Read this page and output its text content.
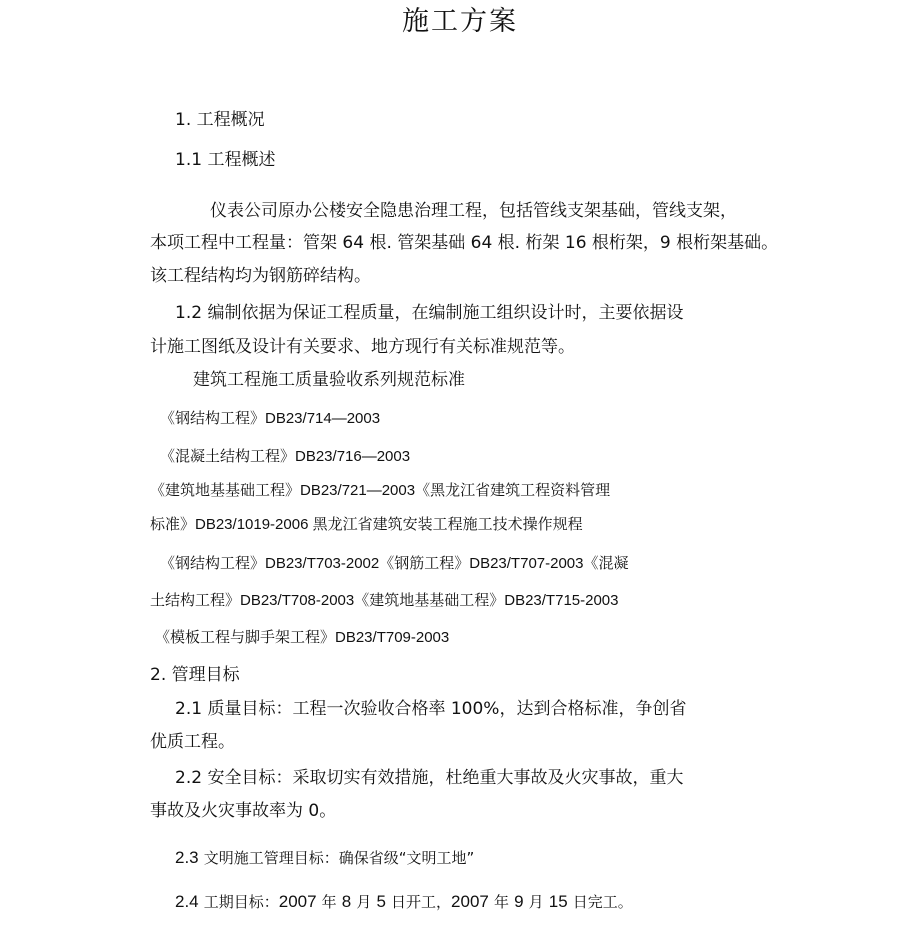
施工方案
1. 工程概况
1.1 工程概述
仪表公司原办公楼安全隐患治理工程，包括管线支架基础，管线支架，
本项工程中工程量：管架 64 根. 管架基础 64 根. 桁架 16 根桁架，9 根桁架基础。
该工程结构均为钢筋碎结构。
1.2 编制依据为保证工程质量，在编制施工组织设计时，主要依据设
计施工图纸及设计有关要求、地方现行有关标准规范等。
建筑工程施工质量验收系列规范标准
《钢结构工程》DB23/714—2003
《混凝土结构工程》DB23/716—2003
《建筑地基基础工程》DB23/721—2003《黑龙江省建筑工程资料管理
标准》DB23/1019-2006 黑龙江省建筑安装工程施工技术操作规程
《钢结构工程》DB23/T703-2002《钢筋工程》DB23/T707-2003《混凝
土结构工程》DB23/T708-2003《建筑地基基础工程》DB23/T715-2003
《模板工程与脚手架工程》DB23/T709-2003
2. 管理目标
2.1 质量目标：工程一次验收合格率 100%，达到合格标准，争创省
优质工程。
2.2 安全目标：采取切实有效措施，杜绝重大事故及火灾事故，重大
事故及火灾事故率为 0。
2.3 文明施工管理目标：确保省级“文明工地”
2.4 工期目标：2007 年 8 月 5 日开工，2007 年 9 月 15 日完工。
